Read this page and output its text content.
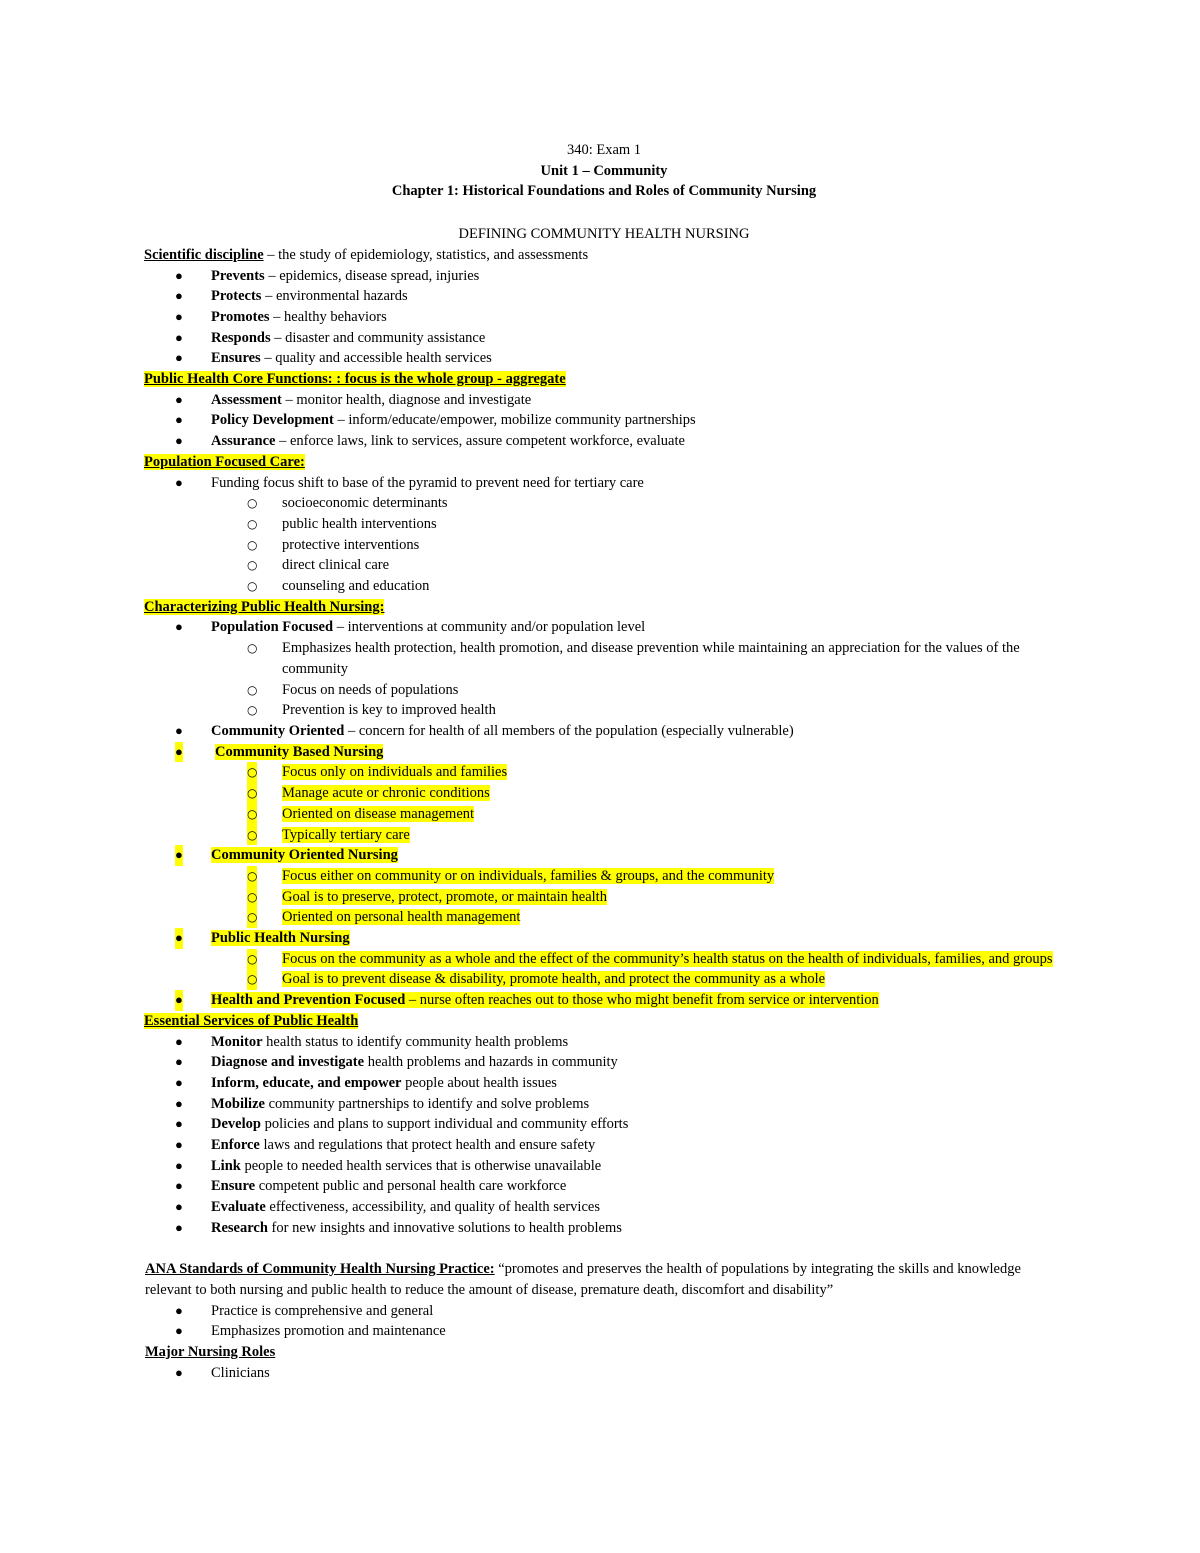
340: Exam 1
Unit 1 – Community
Chapter 1: Historical Foundations and Roles of Community Nursing
DEFINING COMMUNITY HEALTH NURSING
Scientific discipline – the study of epidemiology, statistics, and assessments
● Prevents – epidemics, disease spread, injuries
● Protects – environmental hazards
● Promotes – healthy behaviors
● Responds – disaster and community assistance
● Ensures – quality and accessible health services
Public Health Core Functions: : focus is the whole group - aggregate
● Assessment – monitor health, diagnose and investigate
● Policy Development – inform/educate/empower, mobilize community partnerships
● Assurance – enforce laws, link to services, assure competent workforce, evaluate
Population Focused Care:
● Funding focus shift to base of the pyramid to prevent need for tertiary care
○ socioeconomic determinants
○ public health interventions
○ protective interventions
○ direct clinical care
○ counseling and education
Characterizing Public Health Nursing:
● Population Focused – interventions at community and/or population level
○ Emphasizes health protection, health promotion, and disease prevention while maintaining an appreciation for the values of the community
○ Focus on needs of populations
○ Prevention is key to improved health
● Community Oriented – concern for health of all members of the population (especially vulnerable)
● Community Based Nursing
○ Focus only on individuals and families
○ Manage acute or chronic conditions
○ Oriented on disease management
○ Typically tertiary care
● Community Oriented Nursing
○ Focus either on community or on individuals, families & groups, and the community
○ Goal is to preserve, protect, promote, or maintain health
○ Oriented on personal health management
● Public Health Nursing
○ Focus on the community as a whole and the effect of the community’s health status on the health of individuals, families, and groups
○ Goal is to prevent disease & disability, promote health, and protect the community as a whole
● Health and Prevention Focused – nurse often reaches out to those who might benefit from service or intervention
Essential Services of Public Health
● Monitor health status to identify community health problems
● Diagnose and investigate health problems and hazards in community
● Inform, educate, and empower people about health issues
● Mobilize community partnerships to identify and solve problems
● Develop policies and plans to support individual and community efforts
● Enforce laws and regulations that protect health and ensure safety
● Link people to needed health services that is otherwise unavailable
● Ensure competent public and personal health care workforce
● Evaluate effectiveness, accessibility, and quality of health services
● Research for new insights and innovative solutions to health problems
ANA Standards of Community Health Nursing Practice: “promotes and preserves the health of populations by integrating the skills and knowledge relevant to both nursing and public health to reduce the amount of disease, premature death, discomfort and disability”
● Practice is comprehensive and general
● Emphasizes promotion and maintenance
Major Nursing Roles
● Clinicians
